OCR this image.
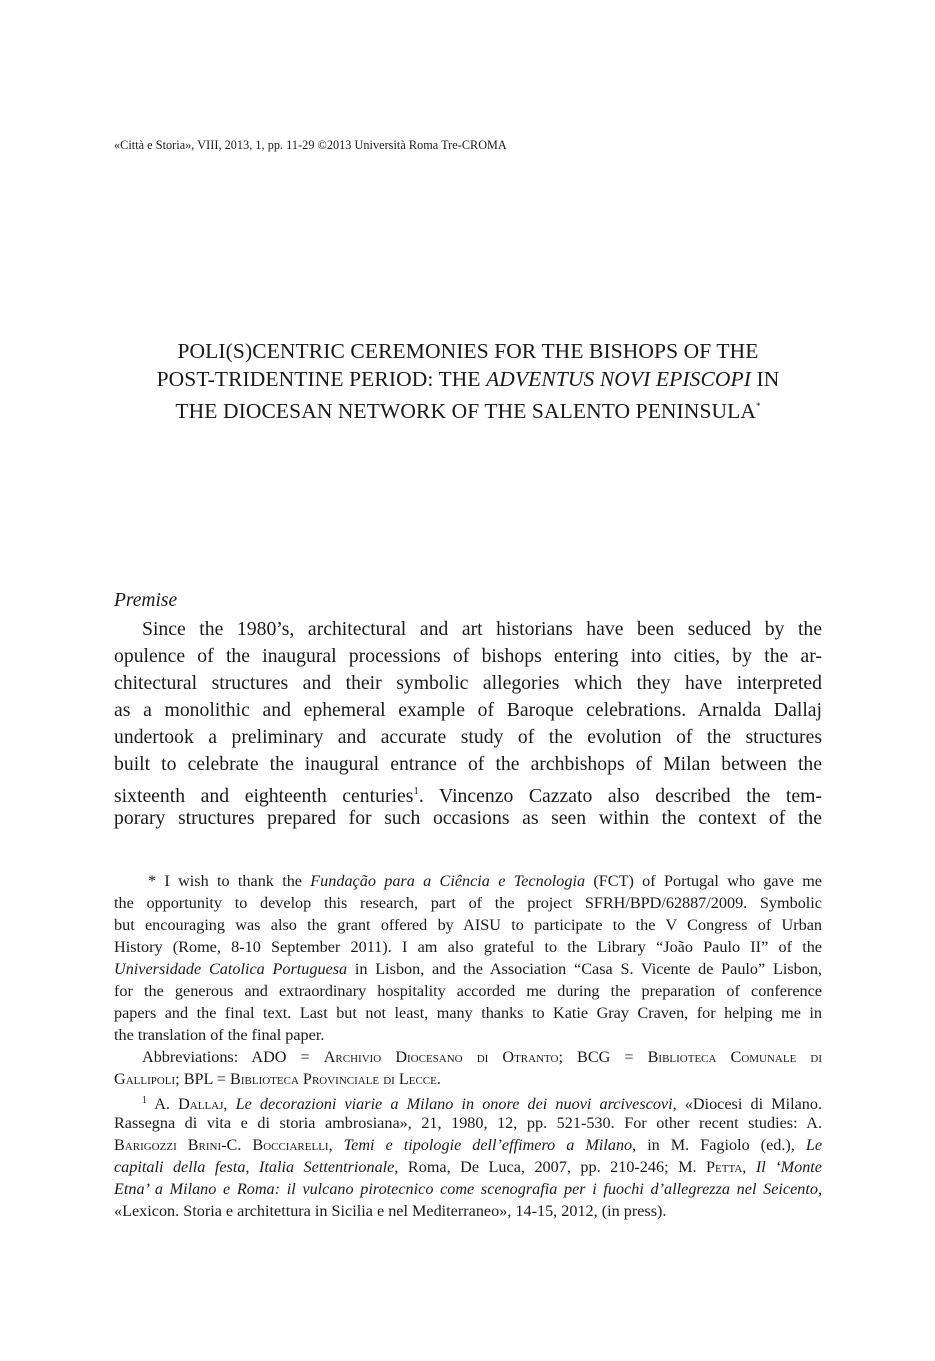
«Città e Storia», VIII, 2013, 1, pp. 11-29 ©2013 Università Roma Tre-CROMA
POLI(S)CENTRIC CEREMONIES FOR THE BISHOPS OF THE
POST-TRIDENTINE PERIOD: THE ADVENTUS NOVI EPISCOPI IN
THE DIOCESAN NETWORK OF THE SALENTO PENINSULA*
Premise
Since the 1980’s, architectural and art historians have been seduced by the
opulence of the inaugural processions of bishops entering into cities, by the ar-
chitectural structures and their symbolic allegories which they have interpreted
as a monolithic and ephemeral example of Baroque celebrations. Arnalda Dallaj
undertook a preliminary and accurate study of the evolution of the structures
built to celebrate the inaugural entrance of the archbishops of Milan between the
sixteenth and eighteenth centuries$^1$. Vincenzo Cazzato also described the tem-
porary structures prepared for such occasions as seen within the context of the
* I wish to thank the Fundação para a Ciência e Tecnologia (FCT) of Portugal who gave me
the opportunity to develop this research, part of the project SFRH/BPD/62887/2009. Symbolic
but encouraging was also the grant offered by AISU to participate to the V Congress of Urban
History (Rome, 8-10 September 2011). I am also grateful to the Library “João Paulo II” of the
Universidade Catolica Portuguesa in Lisbon, and the Association “Casa S. Vicente de Paulo” Lisbon,
for the generous and extraordinary hospitality accorded me during the preparation of conference
papers and the final text. Last but not least, many thanks to Katie Gray Craven, for helping me in
the translation of the final paper.
Abbreviations: ADO = Archivio Diocesano di Otranto; BCG = Biblioteca Comunale di
Gallipoli; BPL = Biblioteca Provinciale di Lecce.
$^1$ A. Dallaj, Le decorazioni viarie a Milano in onore dei nuovi arcivescovi, «Diocesi di Milano.
Rassegna di vita e di storia ambrosiana», 21, 1980, 12, pp. 521-530. For other recent studies: A.
Barigozzi Brini-C. Bocciarelli, Temi e tipologie dell’effimero a Milano, in M. Fagiolo (ed.), Le
capitali della festa, Italia Settentrionale, Roma, De Luca, 2007, pp. 210-246; M. Petta, Il ‘Monte
Etna’ a Milano e Roma: il vulcano pirotecnico come scenografia per i fuochi d’allegrezza nel Seicento,
«Lexicon. Storia e architettura in Sicilia e nel Mediterraneo», 14-15, 2012, (in press).
